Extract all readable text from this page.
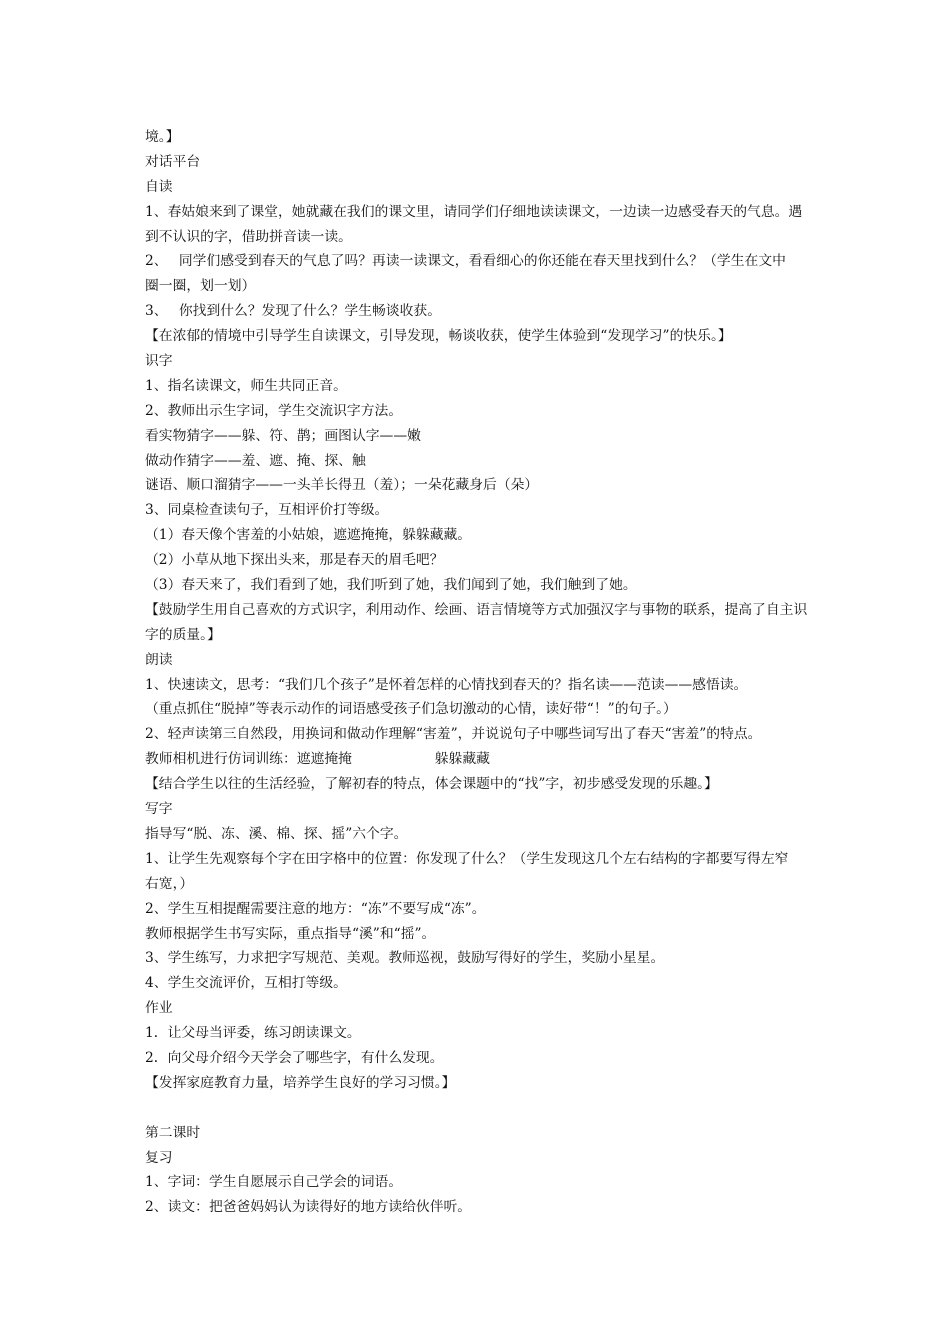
境。】
对话平台
自读
1、春姑娘来到了课堂，她就藏在我们的课文里，请同学们仔细地读读课文，一边读一边感受春天的气息。遇
到不认识的字，借助拼音读一读。
2、　 同学们感受到春天的气息了吗？再读一读课文，看看细心的你还能在春天里找到什么？（学生在文中
圈一圈，划一划）
3、　 你找到什么？发现了什么？学生畅谈收获。
【在浓郁的情境中引导学生自读课文，引导发现，畅谈收获，使学生体验到“发现学习”的快乐。】
识字
1、指名读课文，师生共同正音。
2、教师出示生字词，学生交流识字方法。
看实物猜字——躲、符、鹊；画图认字——嫩
做动作猜字——羞、遮、掩、探、触
谜语、顺口溜猜字——一头羊长得丑（羞）；一朵花藏身后（朵）
3、同桌检查读句子，互相评价打等级。
（1）春天像个害羞的小姑娘，遮遮掩掩，躲躲藏藏。
（2）小草从地下探出头来，那是春天的眉毛吧？
（3）春天来了，我们看到了她，我们听到了她，我们闻到了她，我们触到了她。
【鼓励学生用自己喜欢的方式识字，利用动作、绘画、语言情境等方式加强汉字与事物的联系，提高了自主识
字的质量。】
朗读
1、快速读文，思考：“我们几个孩子”是怀着怎样的心情找到春天的？指名读——范读——感悟读。
（重点抓住“脱掉”等表示动作的词语感受孩子们急切激动的心情，读好带“！”的句子。）
2、轻声读第三自然段，用换词和做动作理解“害羞”，并说说句子中哪些词写出了春天“害羞”的特点。
教师相机进行仿词训练：遮遮掩掩　　　　　　躲躲藏藏
【结合学生以往的生活经验，了解初春的特点，体会课题中的“找”字，初步感受发现的乐趣。】
写字
指导写“脱、冻、溪、棉、探、摇”六个字。
1、让学生先观察每个字在田字格中的位置：你发现了什么？（学生发现这几个左右结构的字都要写得左窄
右宽，）
2、学生互相提醒需要注意的地方：“冻”不要写成“冻”。
教师根据学生书写实际，重点指导“溪”和“摇”。
3、学生练写，力求把字写规范、美观。教师巡视，鼓励写得好的学生，奖励小星星。
4、学生交流评价，互相打等级。
作业
1．让父母当评委，练习朗读课文。
2．向父母介绍今天学会了哪些字，有什么发现。
【发挥家庭教育力量，培养学生良好的学习习惯。】
第二课时
复习
1、字词：学生自愿展示自己学会的词语。
2、读文：把爸爸妈妈认为读得好的地方读给伙伴听。
